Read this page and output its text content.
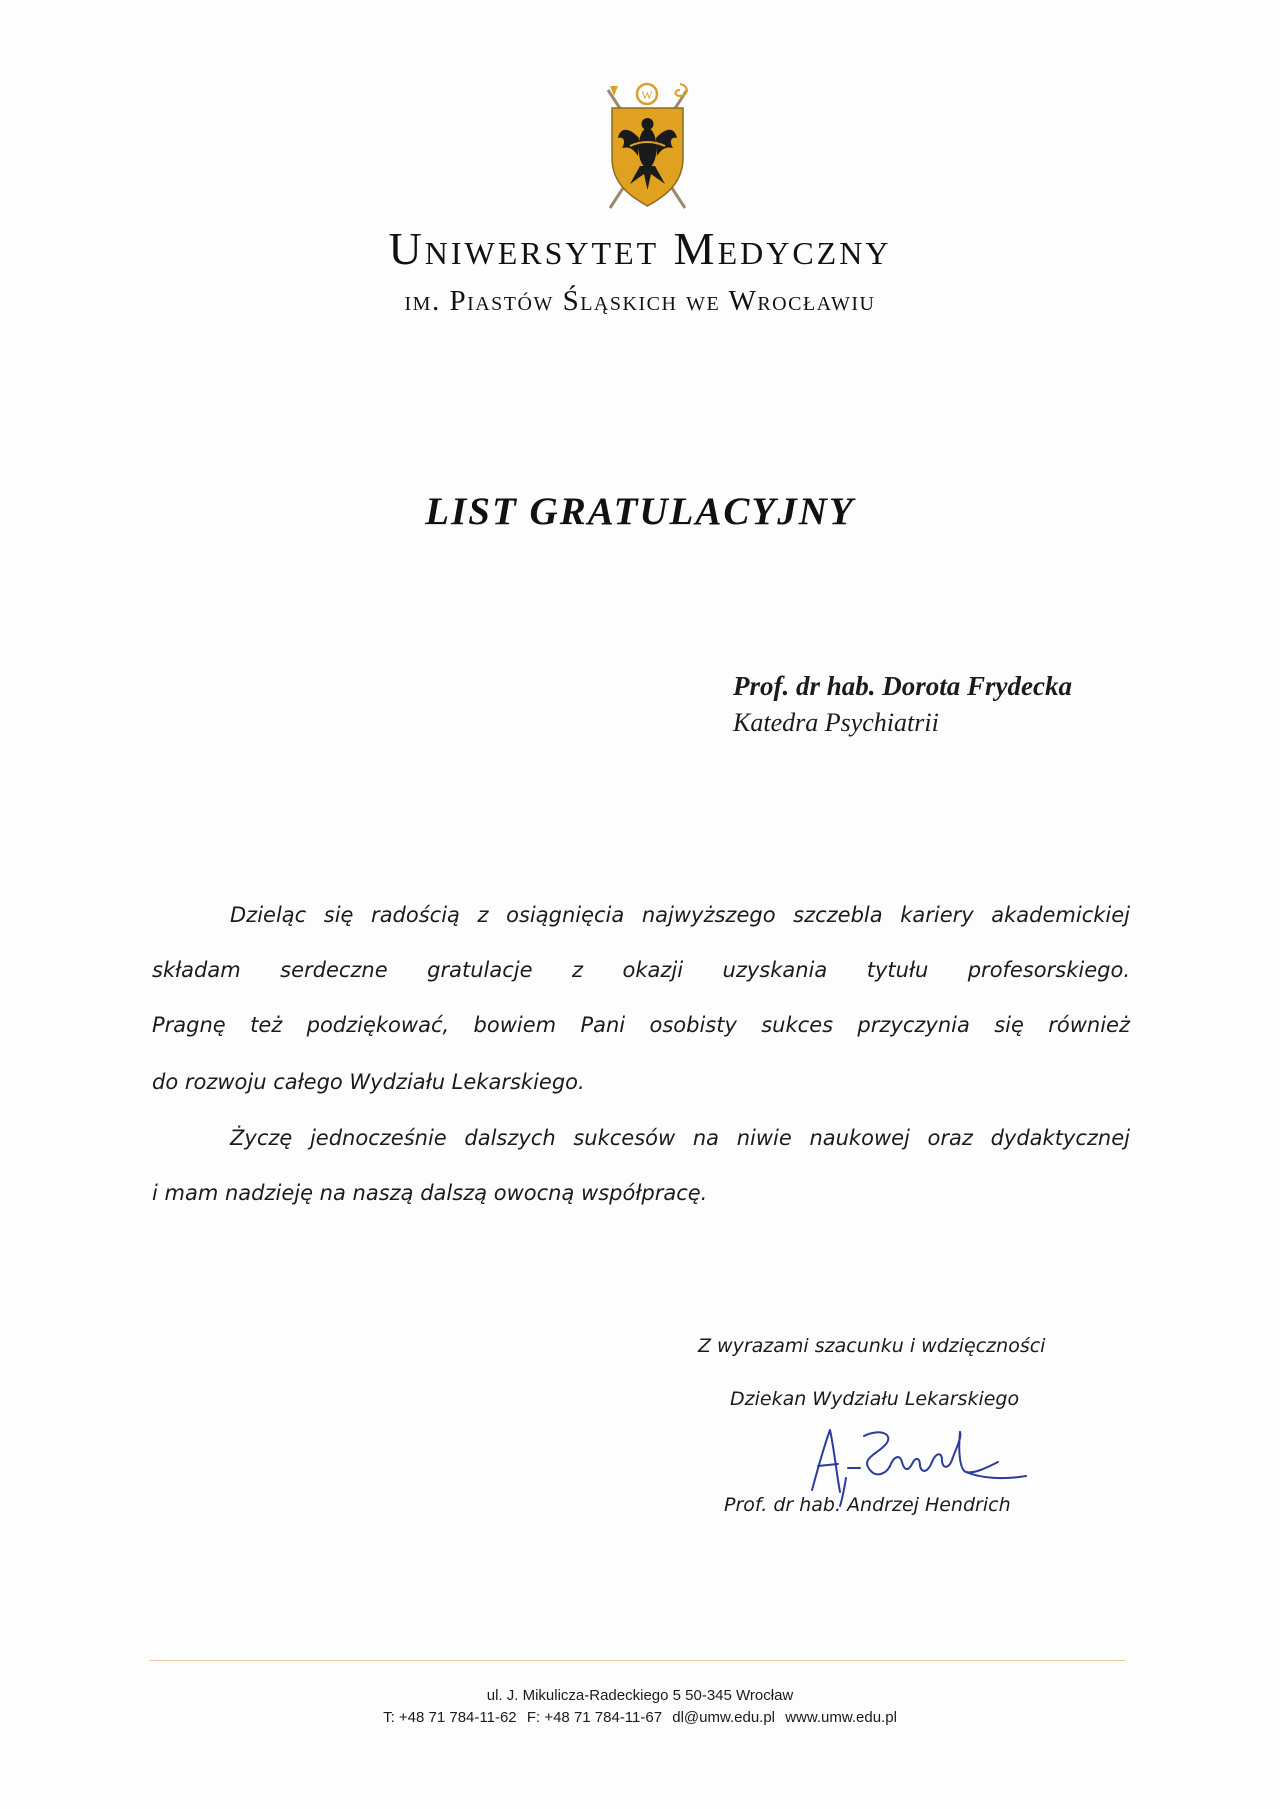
W
Uniwersytet Medyczny
im. Piastów Śląskich we Wrocławiu
LIST GRATULACYJNY
Prof. dr hab. Dorota Frydecka
Katedra Psychiatrii
Dzieląc się radością z osiągnięcia najwyższego szczebla kariery akademickiej
składam serdeczne gratulacje z okazji uzyskania tytułu profesorskiego.
Pragnę też podziękować, bowiem Pani osobisty sukces przyczynia się również
do rozwoju całego Wydziału Lekarskiego.
Życzę jednocześnie dalszych sukcesów na niwie naukowej oraz dydaktycznej
i mam nadzieję na naszą dalszą owocną współpracę.
Z wyrazami szacunku i wdzięczności
Dziekan Wydziału Lekarskiego
Prof. dr hab. Andrzej Hendrich
ul. J. Mikulicza-Radeckiego 5 50-345 Wrocław
T: +48 71 784-11-62 F: +48 71 784-11-67 dl@umw.edu.pl www.umw.edu.pl
